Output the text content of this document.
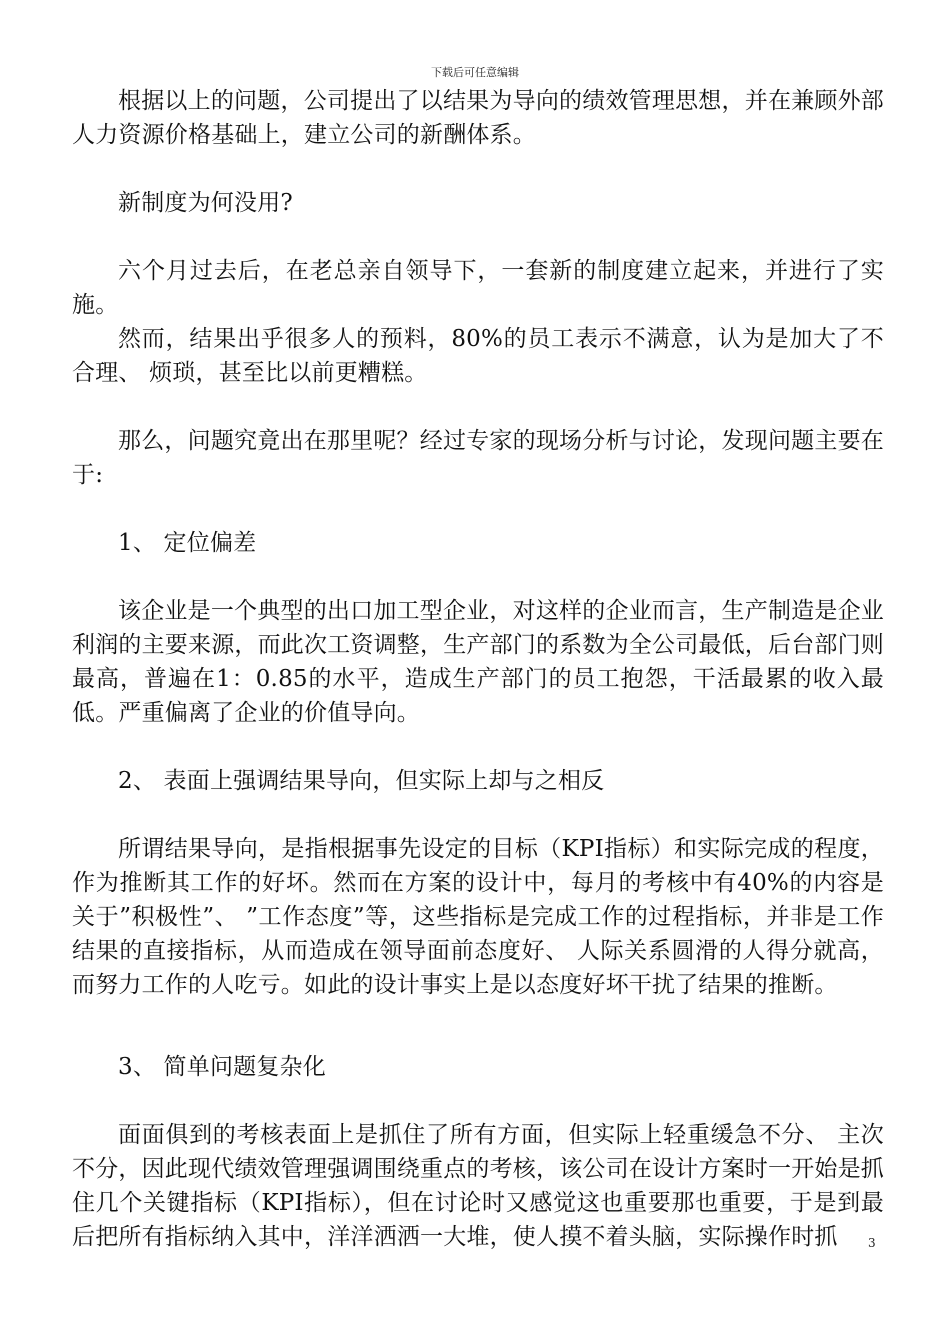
下载后可任意编辑

根据以上的问题，公司提出了以结果为导向的绩效管理思想，并在兼顾外部人力资源价格基础上，建立公司的新酬体系。

新制度为何没用?

六个月过去后，在老总亲自领导下，一套新的制度建立起来，并进行了实施。

然而，结果出乎很多人的预料，80%的员工表示不满意，认为是加大了不合理、 烦琐，甚至比以前更糟糕。

那么，问题究竟出在那里呢？经过专家的现场分析与讨论，发现问题主要在于:

1、 定位偏差

该企业是一个典型的出口加工型企业，对这样的企业而言，生产制造是企业利润的主要来源，而此次工资调整，生产部门的系数为全公司最低，后台部门则最高，普遍在1：0.85的水平，造成生产部门的员工抱怨，干活最累的收入最低。严重偏离了企业的价值导向。

2、 表面上强调结果导向，但实际上却与之相反

所谓结果导向，是指根据事先设定的目标（KPI指标）和实际完成的程度，作为推断其工作的好坏。然而在方案的设计中，每月的考核中有40%的内容是关于”积极性”、 ”工作态度”等，这些指标是完成工作的过程指标，并非是工作结果的直接指标，从而造成在领导面前态度好、 人际关系圆滑的人得分就高，而努力工作的人吃亏。如此的设计事实上是以态度好坏干扰了结果的推断。

3、 简单问题复杂化

面面俱到的考核表面上是抓住了所有方面，但实际上轻重缓急不分、 主次不分，因此现代绩效管理强调围绕重点的考核，该公司在设计方案时一开始是抓住几个关键指标（KPI指标），但在讨论时又感觉这也重要那也重要，于是到最后把所有指标纳入其中，洋洋洒洒一大堆，使人摸不着头脑，实际操作时抓	3
